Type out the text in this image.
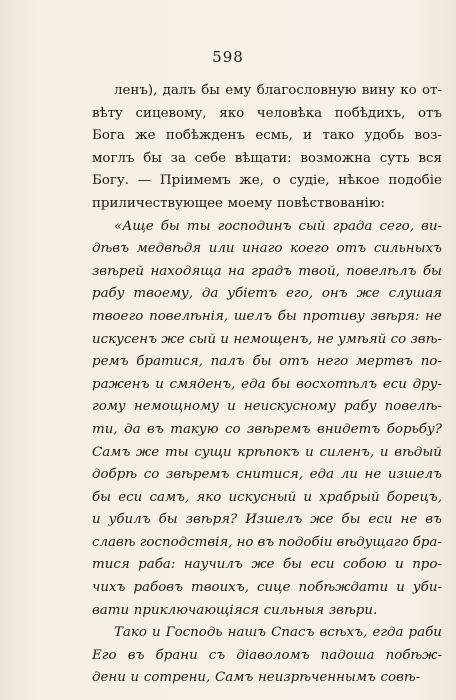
598
ленъ), далъ бы ему благословную вину ко от-
вѣту сицевому, яко человѣка побѣдихъ, отъ
Бога же побѣжденъ есмь, и тако удобь воз-
моглъ бы за себе вѣщати: возможна суть вся
Богу. — Пріимемъ же, о судіе, нѣкое подобіе
приличествующее моему повѣствованію:
«Аще бы ты господинъ сый града сего, ви-
дѣвъ медвѣдя или инаго коего отъ сильныхъ
звѣрей находяща на градъ твой, повелѣлъ бы
рабу твоему, да убіетъ его, онъ же слушая
твоего повелѣнія, шелъ бы противу звѣря: не
искусенъ же сый и немощенъ, не умѣяй со звѣ-
ремъ братися, палъ бы отъ него мертвъ по-
раженъ и смяденъ, еда бы восхотѣлъ еси дру-
гому немощному и неискусному рабу повелѣ-
ти, да въ такую со звѣремъ внидетъ борьбу?
Самъ же ты сущи крѣпокъ и силенъ, и вѣдый
добрѣ со звѣремъ снитися, еда ли не изшелъ
бы еси самъ, яко искусный и храбрый борецъ,
и убилъ бы звѣря? Изшелъ же бы еси не въ
славѣ господствія, но въ подобіи вѣдущаго бра-
тися раба: научилъ же бы еси собою и про-
чихъ рабовъ твоихъ, сице побѣждати и уби-
вати приключающіяся сильныя звѣри.
Тако и Господь нашъ Спасъ всѣхъ, егда раби
Его въ брани съ діаволомъ падоша побѣж-
дени и сотрени, Самъ неизрѣченнымъ совѣ-
